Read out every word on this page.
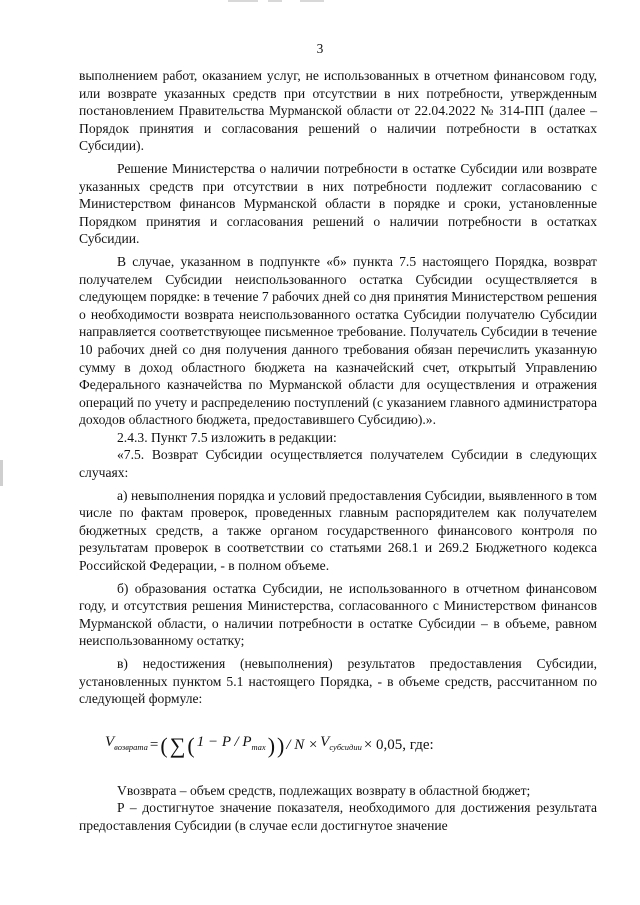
3

выполнением работ, оказанием услуг, не использованных в отчетном финансовом году, или возврате указанных средств при отсутствии в них потребности, утвержденным постановлением Правительства Мурманской области от 22.04.2022 № 314-ПП (далее – Порядок принятия и согласования решений о наличии потребности в остатках Субсидии).

Решение Министерства о наличии потребности в остатке Субсидии или возврате указанных средств при отсутствии в них потребности подлежит согласованию с Министерством финансов Мурманской области в порядке и сроки, установленные Порядком принятия и согласования решений о наличии потребности в остатках Субсидии.

В случае, указанном в подпункте «б» пункта 7.5 настоящего Порядка, возврат получателем Субсидии неиспользованного остатка Субсидии осуществляется в следующем порядке: в течение 7 рабочих дней со дня принятия Министерством решения о необходимости возврата неиспользованного остатка Субсидии получателю Субсидии направляется соответствующее письменное требование. Получатель Субсидии в течение 10 рабочих дней со дня получения данного требования обязан перечислить указанную сумму в доход областного бюджета на казначейский счет, открытый Управлению Федерального казначейства по Мурманской области для осуществления и отражения операций по учету и распределению поступлений (с указанием главного администратора доходов областного бюджета, предоставившего Субсидию).».

2.4.3. Пункт 7.5 изложить в редакции:

«7.5. Возврат Субсидии осуществляется получателем Субсидии в следующих случаях:

а) невыполнения порядка и условий предоставления Субсидии, выявленного в том числе по фактам проверок, проведенных главным распорядителем как получателем бюджетных средств, а также органом государственного финансового контроля по результатам проверок в соответствии со статьями 268.1 и 269.2 Бюджетного кодекса Российской Федерации, - в полном объеме.

б) образования остатка Субсидии, не использованного в отчетном финансовом году, и отсутствия решения Министерства, согласованного с Министерством финансов Мурманской области, о наличии потребности в остатке Субсидии – в объеме, равном неиспользованному остатку;

в) недостижения (невыполнения) результатов предоставления Субсидии, установленных пунктом 5.1 настоящего Порядка, - в объеме средств, рассчитанном по следующей формуле:

$V_{возврата}$ = ( ∑ ( $1 - P / P_{max}$ ) ) / $N \times V_{субсидии} \times 0,05$, где:

Vвозврата – объем средств, подлежащих возврату в областной бюджет;

P – достигнутое значение показателя, необходимого для достижения результата предоставления Субсидии (в случае если достигнутое значение
